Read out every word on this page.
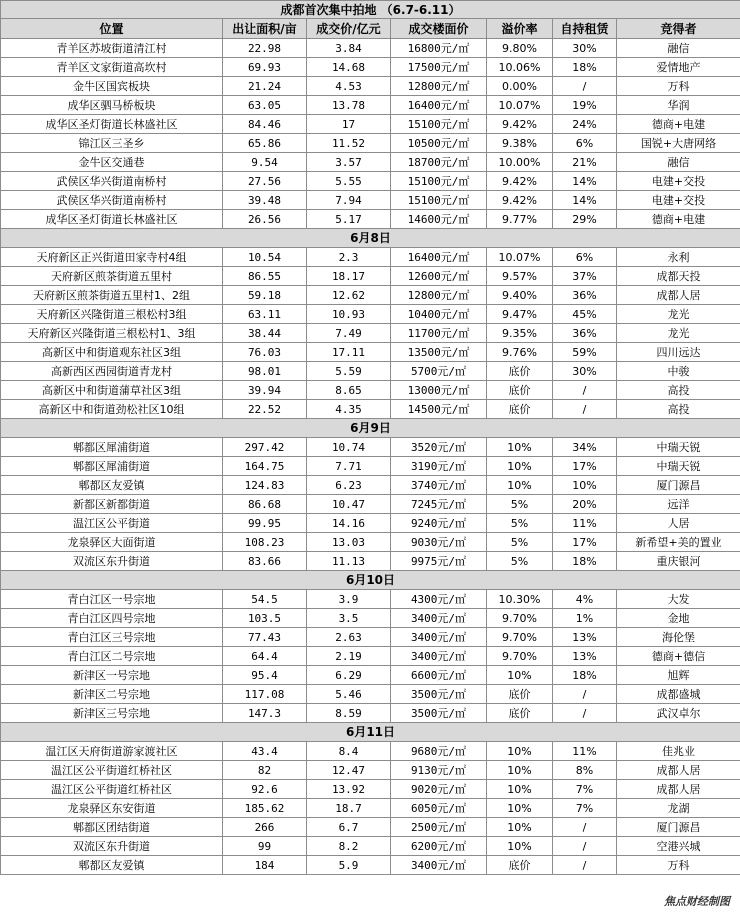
成都首次集中拍地 （6.7-6.11）						
位置	出让面积/亩	成交价/亿元	成交楼面价	溢价率	自持租赁	竞得者
青羊区苏坡街道清江村	22.98	3.84	16800元/㎡	9.80%	30%	融信
青羊区文家街道高坎村	69.93	14.68	17500元/㎡	10.06%	18%	爱情地产
金牛区国宾板块	21.24	4.53	12800元/㎡	0.00%	/	万科
成华区驷马桥板块	63.05	13.78	16400元/㎡	10.07%	19%	华润
成华区圣灯街道长林盛社区	84.46	17	15100元/㎡	9.42%	24%	德商+电建
锦江区三圣乡	65.86	11.52	10500元/㎡	9.38%	6%	国锐+大唐网络
金牛区交通巷	9.54	3.57	18700元/㎡	10.00%	21%	融信
武侯区华兴街道南桥村	27.56	5.55	15100元/㎡	9.42%	14%	电建+交投
武侯区华兴街道南桥村	39.48	7.94	15100元/㎡	9.42%	14%	电建+交投
成华区圣灯街道长林盛社区	26.56	5.17	14600元/㎡	9.77%	29%	德商+电建
6月8日						
天府新区正兴街道田家寺村4组	10.54	2.3	16400元/㎡	10.07%	6%	永利
天府新区煎茶街道五里村	86.55	18.17	12600元/㎡	9.57%	37%	成都天投
天府新区煎茶街道五里村1、2组	59.18	12.62	12800元/㎡	9.40%	36%	成都人居
天府新区兴隆街道三根松村3组	63.11	10.93	10400元/㎡	9.47%	45%	龙光
天府新区兴隆街道三根松村1、3组	38.44	7.49	11700元/㎡	9.35%	36%	龙光
高新区中和街道观东社区3组	76.03	17.11	13500元/㎡	9.76%	59%	四川远达
高新西区西园街道青龙村	98.01	5.59	5700元/㎡	底价	30%	中骏
高新区中和街道蒲草社区3组	39.94	8.65	13000元/㎡	底价	/	高投
高新区中和街道劲松社区10组	22.52	4.35	14500元/㎡	底价	/	高投
6月9日						
郫都区犀浦街道	297.42	10.74	3520元/㎡	10%	34%	中瑞天锐
郫都区犀浦街道	164.75	7.71	3190元/㎡	10%	17%	中瑞天锐
郫都区友爱镇	124.83	6.23	3740元/㎡	10%	10%	厦门源昌
新都区新都街道	86.68	10.47	7245元/㎡	5%	20%	远洋
温江区公平街道	99.95	14.16	9240元/㎡	5%	11%	人居
龙泉驿区大面街道	108.23	13.03	9030元/㎡	5%	17%	新希望+美的置业
双流区东升街道	83.66	11.13	9975元/㎡	5%	18%	重庆银河
6月10日						
青白江区一号宗地	54.5	3.9	4300元/㎡	10.30%	4%	大发
青白江区四号宗地	103.5	3.5	3400元/㎡	9.70%	1%	金地
青白江区三号宗地	77.43	2.63	3400元/㎡	9.70%	13%	海伦堡
青白江区二号宗地	64.4	2.19	3400元/㎡	9.70%	13%	德商+德信
新津区一号宗地	95.4	6.29	6600元/㎡	10%	18%	旭辉
新津区二号宗地	117.08	5.46	3500元/㎡	底价	/	成都盛城
新津区三号宗地	147.3	8.59	3500元/㎡	底价	/	武汉卓尔
6月11日						
温江区天府街道游家渡社区	43.4	8.4	9680元/㎡	10%	11%	佳兆业
温江区公平街道红桥社区	82	12.47	9130元/㎡	10%	8%	成都人居
温江区公平街道红桥社区	92.6	13.92	9020元/㎡	10%	7%	成都人居
龙泉驿区东安街道	185.62	18.7	6050元/㎡	10%	7%	龙湖
郫都区团结街道	266	6.7	2500元/㎡	10%	/	厦门源昌
双流区东升街道	99	8.2	6200元/㎡	10%	/	空港兴城
郫都区友爱镇	184	5.9	3400元/㎡	底价	/	万科
焦点财经制图
